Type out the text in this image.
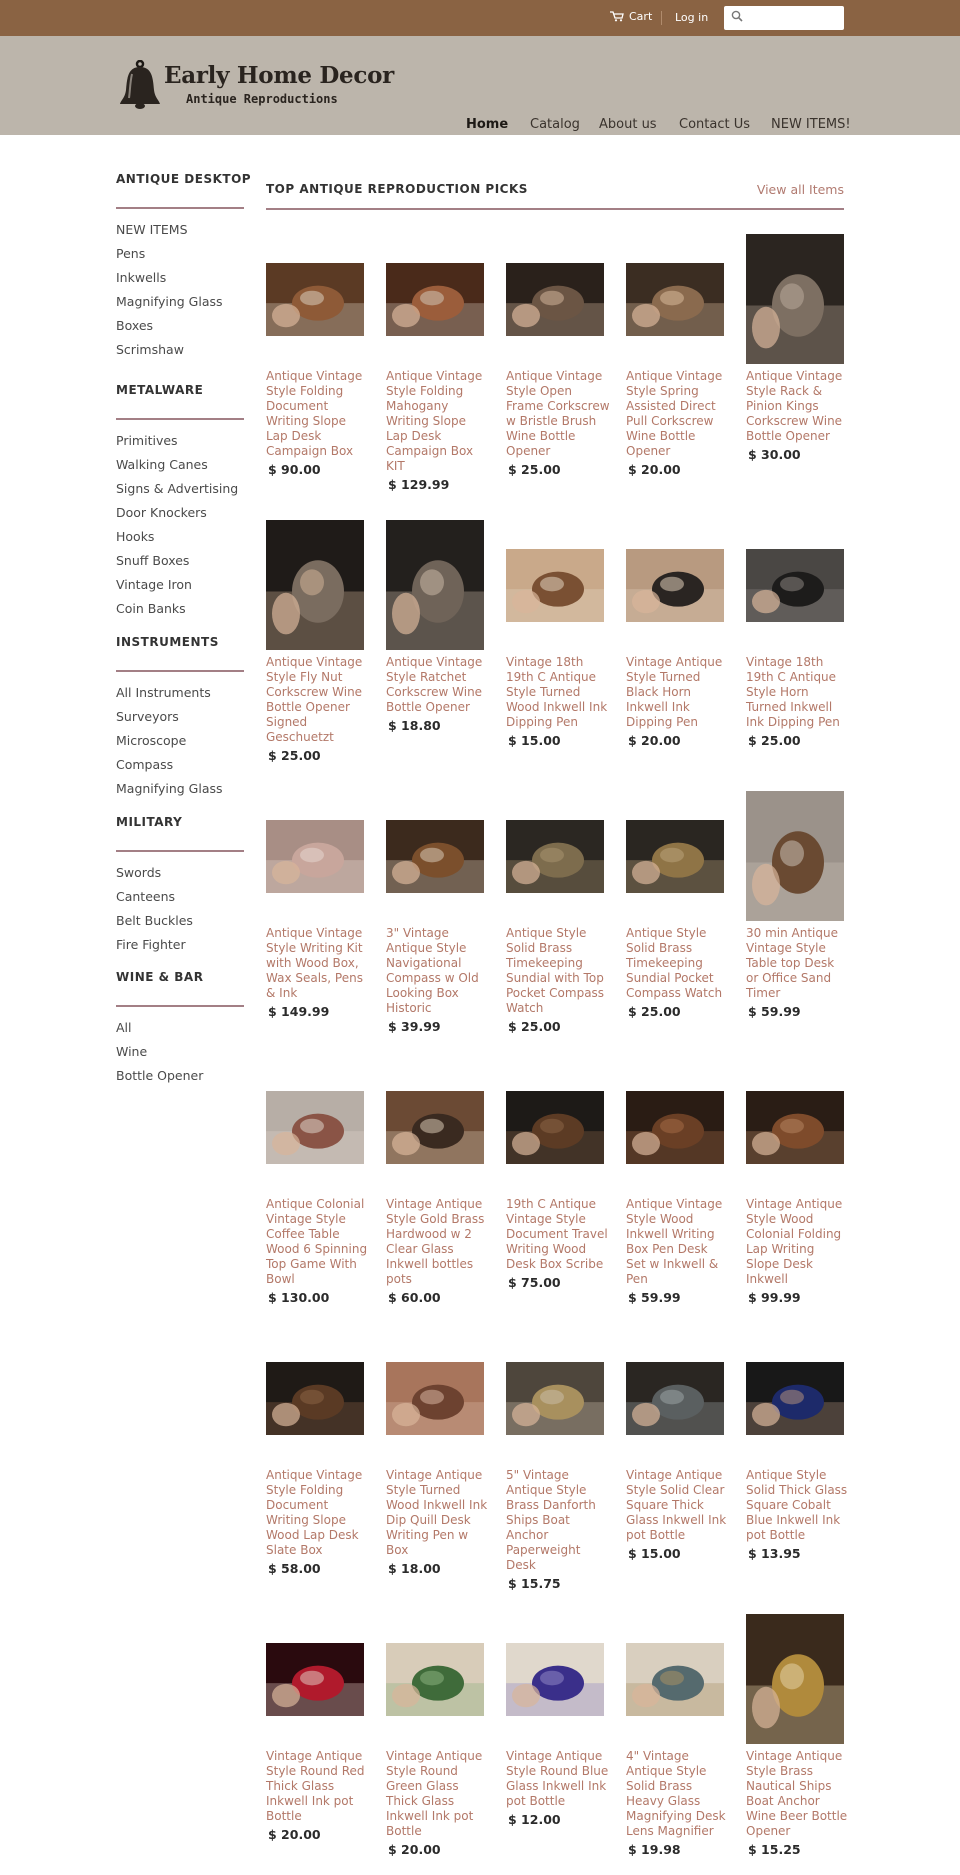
Cart Log in
Early Home Decor
Antique Reproductions
Home Catalog About us Contact Us NEW ITEMS!
ANTIQUE DESKTOP
NEW ITEMS
Pens
Inkwells
Magnifying Glass
Boxes
Scrimshaw
METALWARE
Primitives
Walking Canes
Signs & Advertising
Door Knockers
Hooks
Snuff Boxes
Vintage Iron
Coin Banks
INSTRUMENTS
All Instruments
Surveyors
Microscope
Compass
Magnifying Glass
MILITARY
Swords
Canteens
Belt Buckles
Fire Fighter
WINE & BAR
All
Wine
Bottle Opener
TOP ANTIQUE REPRODUCTION PICKS	View all Items
Antique Vintage Style Folding Document Writing Slope Lap Desk Campaign Box
$ 90.00
Antique Vintage Style Folding Mahogany Writing Slope Lap Desk Campaign Box KIT
$ 129.99
Antique Vintage Style Open Frame Corkscrew w Bristle Brush Wine Bottle Opener
$ 25.00
Antique Vintage Style Spring Assisted Direct Pull Corkscrew Wine Bottle Opener
$ 20.00
Antique Vintage Style Rack & Pinion Kings Corkscrew Wine Bottle Opener
$ 30.00
Antique Vintage Style Fly Nut Corkscrew Wine Bottle Opener Signed Geschuetzt
$ 25.00
Antique Vintage Style Ratchet Corkscrew Wine Bottle Opener
$ 18.80
Vintage 18th 19th C Antique Style Turned Wood Inkwell Ink Dipping Pen
$ 15.00
Vintage Antique Style Turned Black Horn Inkwell Ink Dipping Pen
$ 20.00
Vintage 18th 19th C Antique Style Horn Turned Inkwell Ink Dipping Pen
$ 25.00
Antique Vintage Style Writing Kit with Wood Box, Wax Seals, Pens & Ink
$ 149.99
3" Vintage Antique Style Navigational Compass w Old Looking Box Historic
$ 39.99
Antique Style Solid Brass Timekeeping Sundial with Top Pocket Compass Watch
$ 25.00
Antique Style Solid Brass Timekeeping Sundial Pocket Compass Watch
$ 25.00
30 min Antique Vintage Style Table top Desk or Office Sand Timer
$ 59.99
Antique Colonial Vintage Style Coffee Table Wood 6 Spinning Top Game With Bowl
$ 130.00
Vintage Antique Style Gold Brass Hardwood w 2 Clear Glass Inkwell bottles pots
$ 60.00
19th C Antique Vintage Style Document Travel Writing Wood Desk Box Scribe
$ 75.00
Antique Vintage Style Wood Inkwell Writing Box Pen Desk Set w Inkwell & Pen
$ 59.99
Vintage Antique Style Wood Colonial Folding Lap Writing Slope Desk Inkwell
$ 99.99
Antique Vintage Style Folding Document Writing Slope Wood Lap Desk Slate Box
$ 58.00
Vintage Antique Style Turned Wood Inkwell Ink Dip Quill Desk Writing Pen w Box
$ 18.00
5" Vintage Antique Style Brass Danforth Ships Boat Anchor Paperweight Desk
$ 15.75
Vintage Antique Style Solid Clear Square Thick Glass Inkwell Ink pot Bottle
$ 15.00
Antique Style Solid Thick Glass Square Cobalt Blue Inkwell Ink pot Bottle
$ 13.95
Vintage Antique Style Round Red Thick Glass Inkwell Ink pot Bottle
$ 20.00
Vintage Antique Style Round Green Glass Thick Glass Inkwell Ink pot Bottle
$ 20.00
Vintage Antique Style Round Blue Glass Inkwell Ink pot Bottle
$ 12.00
4" Vintage Antique Style Solid Brass Heavy Glass Magnifying Desk Lens Magnifier
$ 19.98
Vintage Antique Style Brass Nautical Ships Boat Anchor Wine Beer Bottle Opener
$ 15.25
